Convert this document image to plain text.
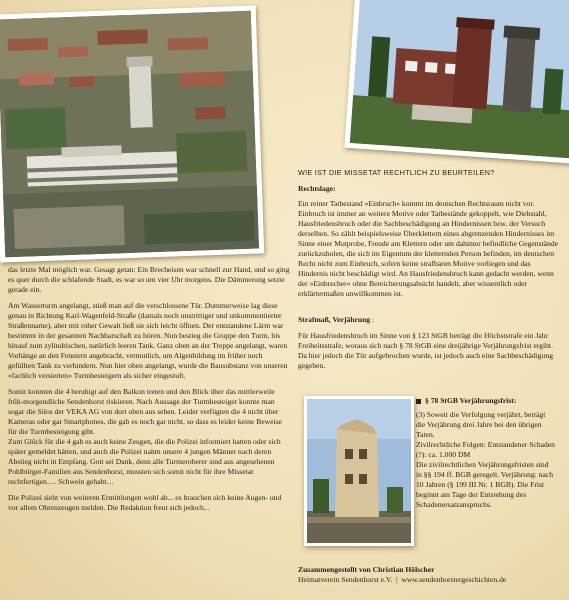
das letzte Mal möglich war. Gesagt getan: Ein Brecheisen war schnell zur Hand, und so ging es quer durch die schlafende Stadt, es war so um vier Uhr morgens. Die Dämmerung setzte gerade ein.

Am Wasserturm angelangt, stieß man auf die verschlossene Tür. Dummerweise lag diese genau in Richtung Karl-Wagenfeld-Straße (damals noch unstrittiger und unkommentierter Straßenname), aber mit roher Gewalt ließ sie sich leicht öffnen. Der entstandene Lärm war bestimmt in der gesamten Nachbarschaft zu hören. Nun bestieg die Gruppe den Turm, bis hinauf zum zylindrischen, natürlich leeren Tank. Ganz oben an der Treppe angelangt, waren Vorhänge an den Fenstern angebracht, vermutlich, um Algenbildung im früher noch gefüllten Tank zu verhindern. Nun hier oben angelangt, wurde die Bausubstanz von unseren »fachlich versierten« Turmbesteigern als sicher eingestuft.

Somit konnten die 4 beruhigt auf den Balkon treten und den Blick über das mittlerweile früh-morgendliche Sendenhorst riskieren. Nach Aussage der Turmbesteiger konnte man sogar die Silos der VEKA AG von dort oben aus sehen. Leider verfügten die 4 nicht über Kameras oder gar Smartphones, die gab es noch gar nicht, so dass es leider keine Beweise für die Turmbesteigung gibt.
Zum Glück für die 4 gab es auch keine Zeugen, die die Polizei informiert hatten oder sich später gemeldet hätten, und auch die Polizei nahm unsere 4 jungen Männer nach deren Abstieg nicht in Empfang. Gott sei Dank, denn alle Turmeroberer sind aus angesehenen Pohlbürger-Familien aus Sendenhorst, mussten sich somit nicht für ihre Missetat rechtfertigen…. Schwein gehabt…

Die Polizei sieht von weiteren Ermittlungen wohl ab... es brauchen sich keine Augen- und vor allem Ohrenzeugen melden. Die Redaktion freut sich jedoch...

WIE IST DIE MISSETAT RECHTLICH ZU BEURTEILEN?
Rechtslage:

Ein reiner Tatbestand »Einbruch« kommt im deutschen Rechtsraum nicht vor. Einbruch ist immer an weitere Motive oder Tatbestände gekoppelt, wie Diebstahl, Hausfriedensbruch oder die Sachbeschädigung an Hindernissen bzw. der Versuch derselben. So zählt beispielsweise Überklettern eines abgrenzenden Hindernisses im Sinne einer Mutprobe, Freude am Klettern oder um dahinter befindliche Gegenstände zurückzuholen, die sich im Eigentum der kletternden Person befinden, im deutschen Recht nicht zum Einbruch, sofern keine strafbaren Motive vorliegen und das Hindernis nicht beschädigt wird. An Hausfriedensbruch kann gedacht werden, wenn der »Einbrecher« ohne Bereicherungsabsicht handelt, aber wissentlich oder erklärtermaßen unwillkommen ist.

Strafmaß, Verjährung :

Für Hausfriedensbruch im Sinne von § 123 StGB beträgt die Höchststrafe ein Jahr Freiheitsstrafe, woraus sich nach § 78 StGB eine dreijährige Verjährungsfrist ergibt. Da hier jedoch die Tür aufgebrochen wurde, ist jedoch auch eine Sachbeschädigung gegeben.

§ 78 StGB Verjährungsfrist:
(3) Soweit die Verfolgung verjährt, beträgt die Verjährung drei Jahre bei den übrigen Taten.
Zivilrechtliche Folgen: Entstandener Schaden (?): ca. 1.000 DM
Die zivilrechtlichen Verjährungsfristen sind in §§ 194 ff. BGB geregelt. Verjährung: nach 10 Jahren (§ 199 III Nr. 1 BGB). Die Frist beginnt am Tage der Entstehung des Schadenersatzanspruchs.
Zusammengestellt von Christian Hölscher
Heimatverein Sendenhorst e.V.  |  www.sendenhorstergeschichten.de
